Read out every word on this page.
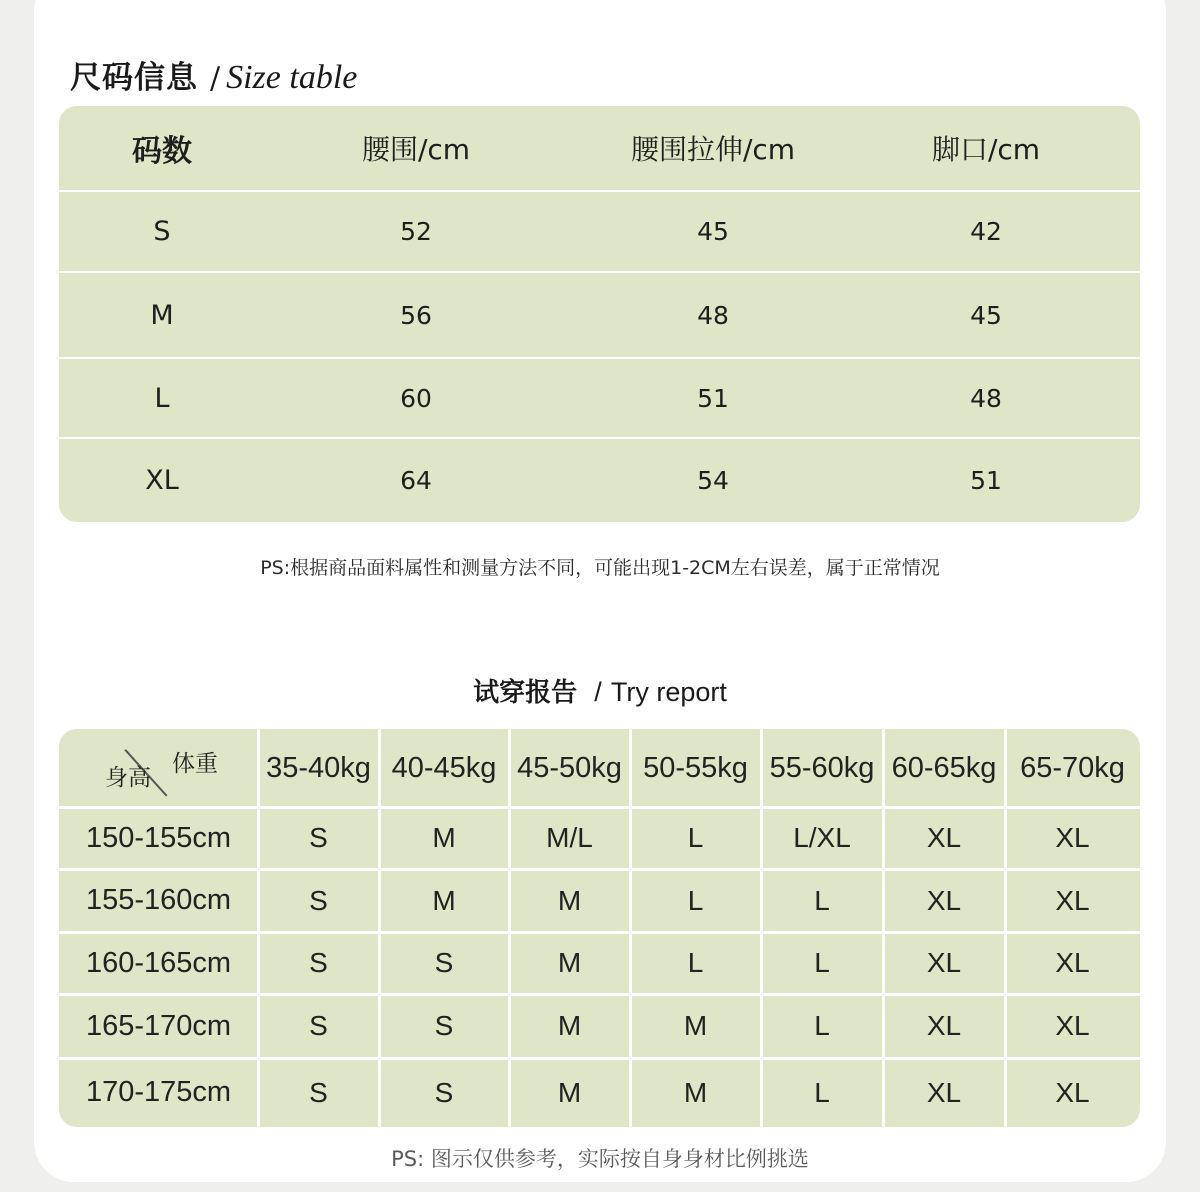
尺码信息 / Size table
码数	腰围/cm	腰围拉伸/cm	脚口/cm
S	52	45	42
M	56	48	45
L	60	51	48
XL	64	54	51
PS:根据商品面料属性和测量方法不同，可能出现1-2CM左右误差，属于正常情况
试穿报告 / Try report
体重
身高	35-40kg 40-45kg 45-50kg 50-55kg 55-60kg 60-65kg 65-70kg
150-155cm	S	M	M/L	L	L/XL	XL	XL
155-160cm	S	M	M	L	L	XL	XL
160-165cm	S	S	M	L	L	XL	XL
165-170cm	S	S	M	M	L	XL	XL
170-175cm	S	S	M	M	L	XL	XL
PS: 图示仅供参考，实际按自身身材比例挑选
